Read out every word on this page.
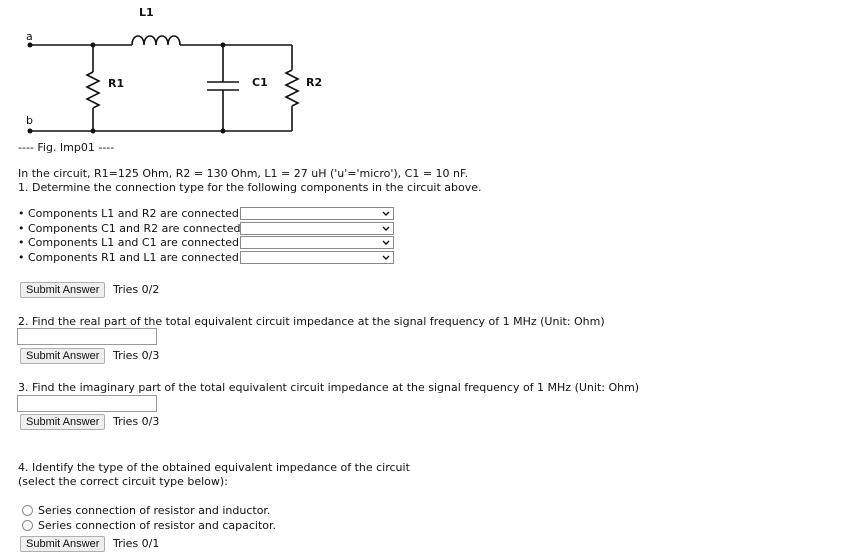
a
b
L1
R1	C1	R2
---- Fig. Imp01 ----
In the circuit, R1=125 Ohm, R2 = 130 Ohm, L1 = 27 uH ('u'='micro'), C1 = 10 nF.
1. Determine the connection type for the following components in the circuit above.
• Components L1 and R2 are connected
• Components C1 and R2 are connected
• Components L1 and C1 are connected
• Components R1 and L1 are connected
Submit Answer	Tries 0/2
2. Find the real part of the total equivalent circuit impedance at the signal frequency of 1 MHz (Unit: Ohm)
Submit Answer	Tries 0/3
3. Find the imaginary part of the total equivalent circuit impedance at the signal frequency of 1 MHz (Unit: Ohm)
Submit Answer	Tries 0/3
4. Identify the type of the obtained equivalent impedance of the circuit
(select the correct circuit type below):
Series connection of resistor and inductor.
Series connection of resistor and capacitor.
Submit Answer	Tries 0/1
